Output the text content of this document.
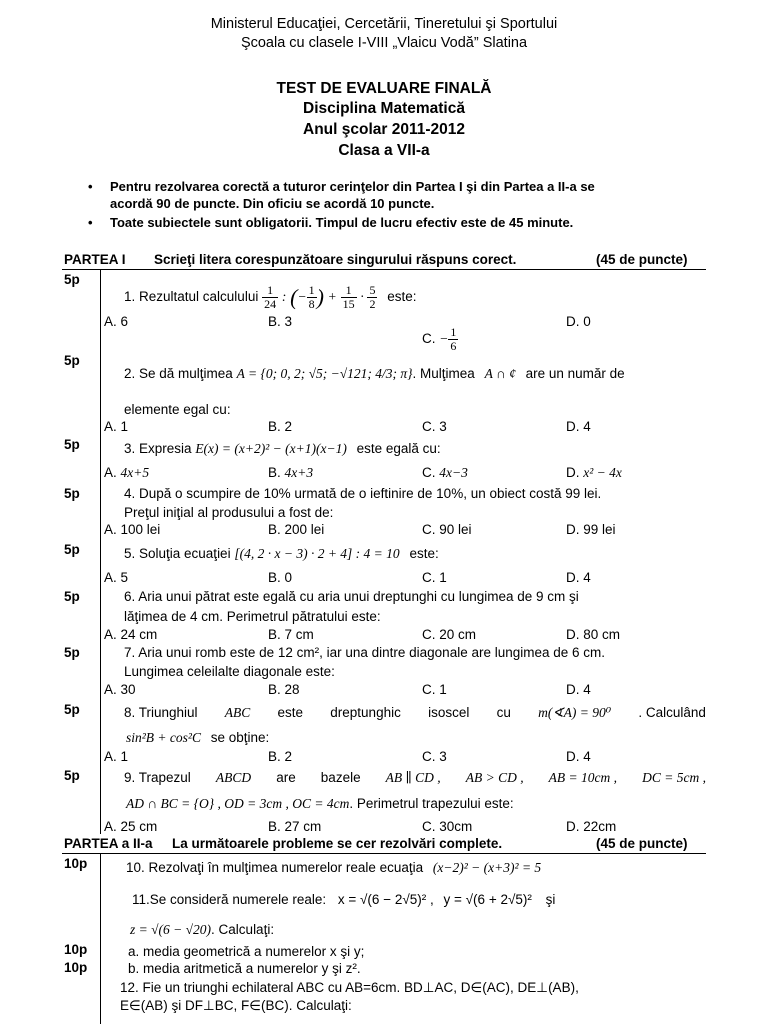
Ministerul Educaţiei, Cercetării, Tineretului şi Sportului
Şcoala cu clasele I-VIII „Vlaicu Vodă” Slatina
TEST DE EVALUARE FINALĂ
Disciplina Matematică
Anul şcolar 2011-2012
Clasa a VII-a
• Pentru rezolvarea corectă a tuturor cerinţelor din Partea I şi din Partea a II-a se
acordă 90 de puncte. Din oficiu se acordă 10 puncte.
• Toate subiectele sunt obligatorii. Timpul de lucru efectiv este de 45 minute.
PARTEA I Scrieţi litera corespunzătoare singurului răspuns corect.	(45 de puncte)
5p
1. Rezultatul calculului $\frac{1}{24}$ : (− $\frac{1}{8}$ ) + $\frac{1}{15} \cdot \frac{5}{2}$ este:
A. 6	B. 3
C. − $\frac{1}{6}$
D. 0
5p
2. Se dă mulţimea A = {0; 0, 2; √5; −√121; 4/3; π}. Mulţimea A ∩ ¢ are un număr de
elemente egal cu:
A. 1	B. 2	C. 3	D. 4
5p	3. Expresia E(x) = (x+2)² − (x+1)(x−1) este egală cu:
A. 4x+5	B. 4x+3	C. 4x−3	D. x² − 4x
5p	4. După o scumpire de 10% urmată de o ieftinire de 10%, un obiect costă 99 lei.
Preţul iniţial al produsului a fost de:
A. 100 lei	B. 200 lei	C. 90 lei	D. 99 lei
5p	5. Soluţia ecuaţiei [(4, 2 · x − 3) · 2 + 4] : 4 = 10 este:
A. 5	B. 0	C. 1	D. 4
5p	6. Aria unui pătrat este egală cu aria unui dreptunghi cu lungimea de 9 cm şi
lăţimea de 4 cm. Perimetrul pătratului este:
A. 24 cm	B. 7 cm	C. 20 cm	D. 80 cm
5p	7. Aria unui romb este de 12 cm², iar una dintre diagonale are lungimea de 6 cm.
Lungimea celeilalte diagonale este:
A. 30	B. 28	C. 1	D. 4
5p	8. Triunghiul ABC este dreptunghic isoscel cu m(∢A) = 90⁰ . Calculând
sin²B + cos²C se obţine:
A. 1	B. 2	C. 3	D. 4
5p	9. Trapezul ABCD are bazele AB ∥ CD , AB > CD , AB = 10cm , DC = 5cm ,
AD ∩ BC = {O} , OD = 3cm , OC = 4cm. Perimetrul trapezului este:
A. 25 cm	B. 27 cm	C. 30cm	D. 22cm
PARTEA a II-a La următoarele probleme se cer rezolvări complete.	(45 de puncte)
10p	10. Rezolvaţi în mulţimea numerelor reale ecuaţia (x−2)² − (x+3)² = 5
11.Se consideră numerele reale: x = √(6 − 2√5)² , y = √(6 + 2√5)² şi
z = √(6 − √20). Calculaţi:
10p	a. media geometrică a numerelor x şi y;
10p	b. media aritmetică a numerelor y şi z².
12. Fie un triunghi echilateral ABC cu AB=6cm. BD⊥AC, D∈(AC), DE⊥(AB),
E∈(AB) şi DF⊥BC, F∈(BC). Calculaţi:
